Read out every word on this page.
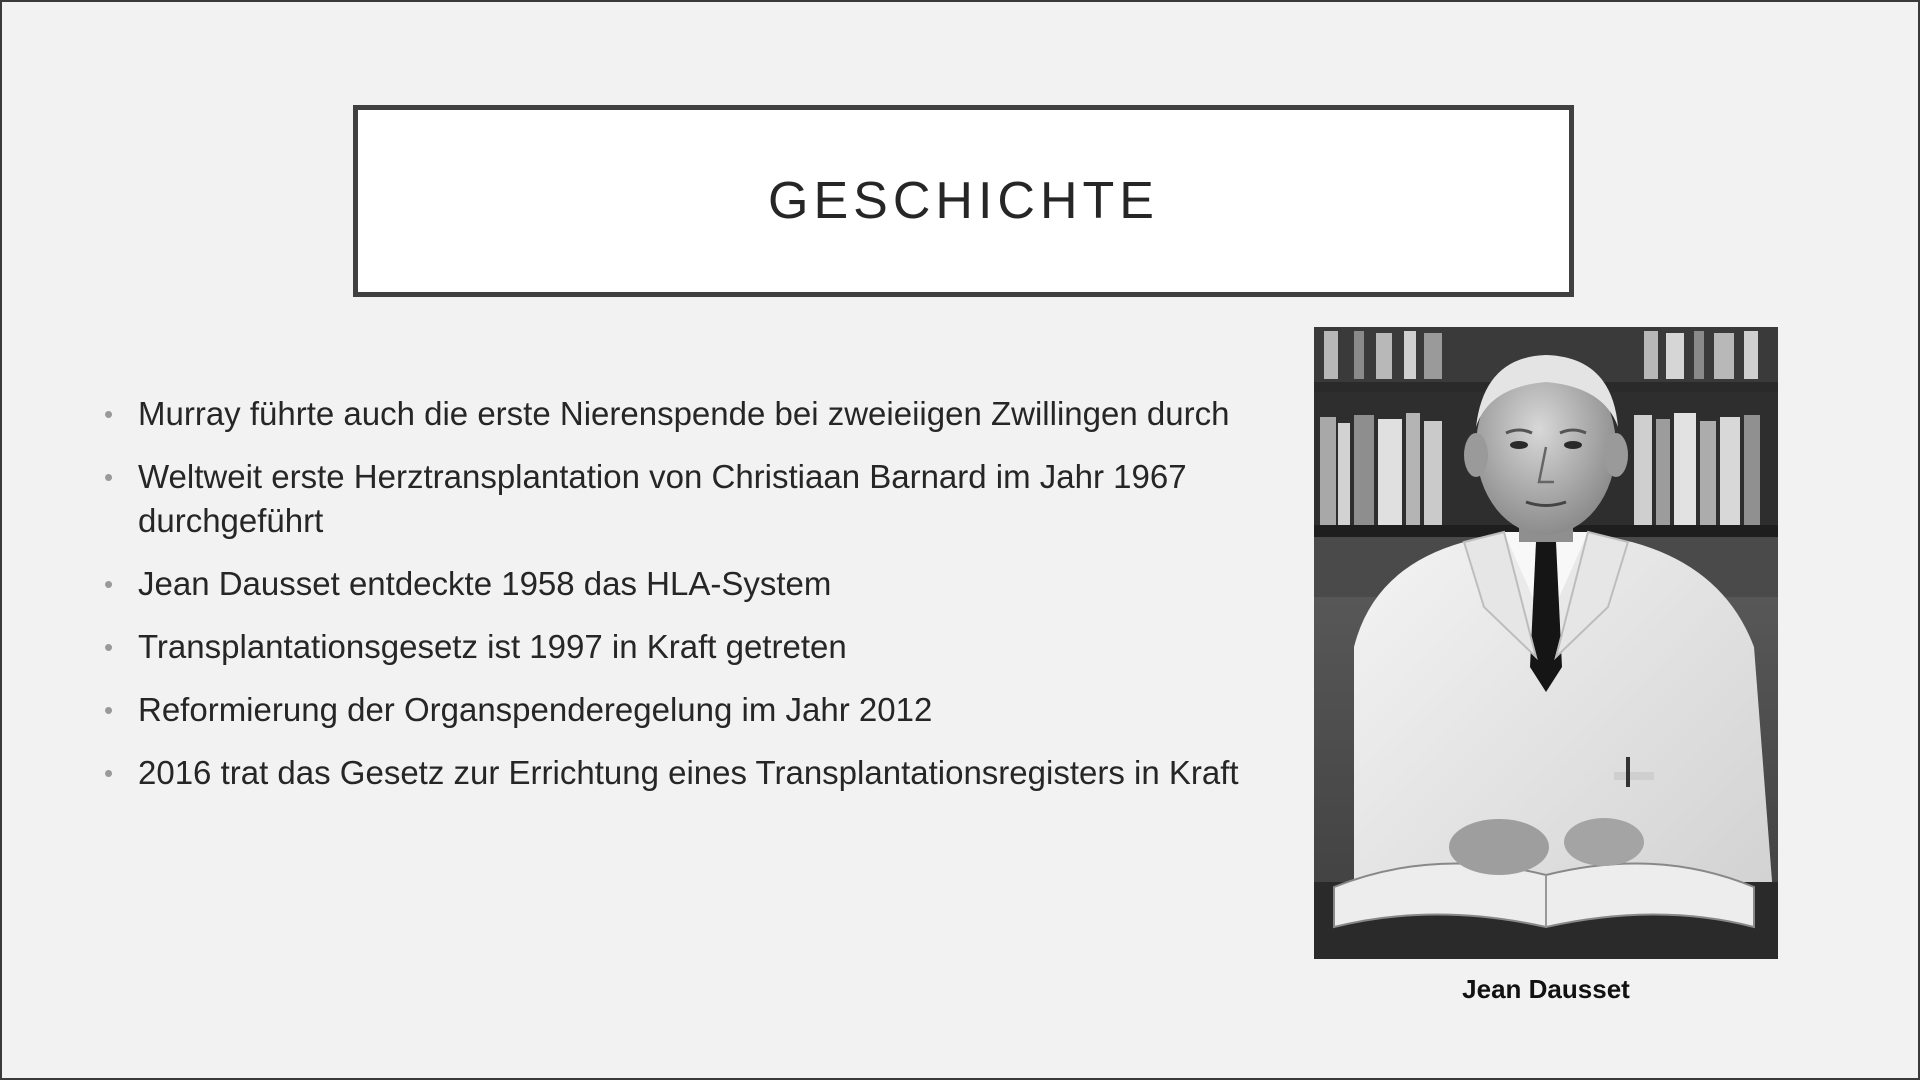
GESCHICHTE
• Murray führte auch die erste Nierenspende bei zweieiigen Zwillingen durch
• Weltweit erste Herztransplantation von Christiaan Barnard im Jahr 1967 durchgeführt
• Jean Dausset entdeckte 1958 das HLA-System
• Transplantationsgesetz ist 1997 in Kraft getreten
• Reformierung der Organspenderegelung im Jahr 2012
• 2016 trat das Gesetz zur Errichtung eines Transplantationsregisters in Kraft
Jean Dausset
